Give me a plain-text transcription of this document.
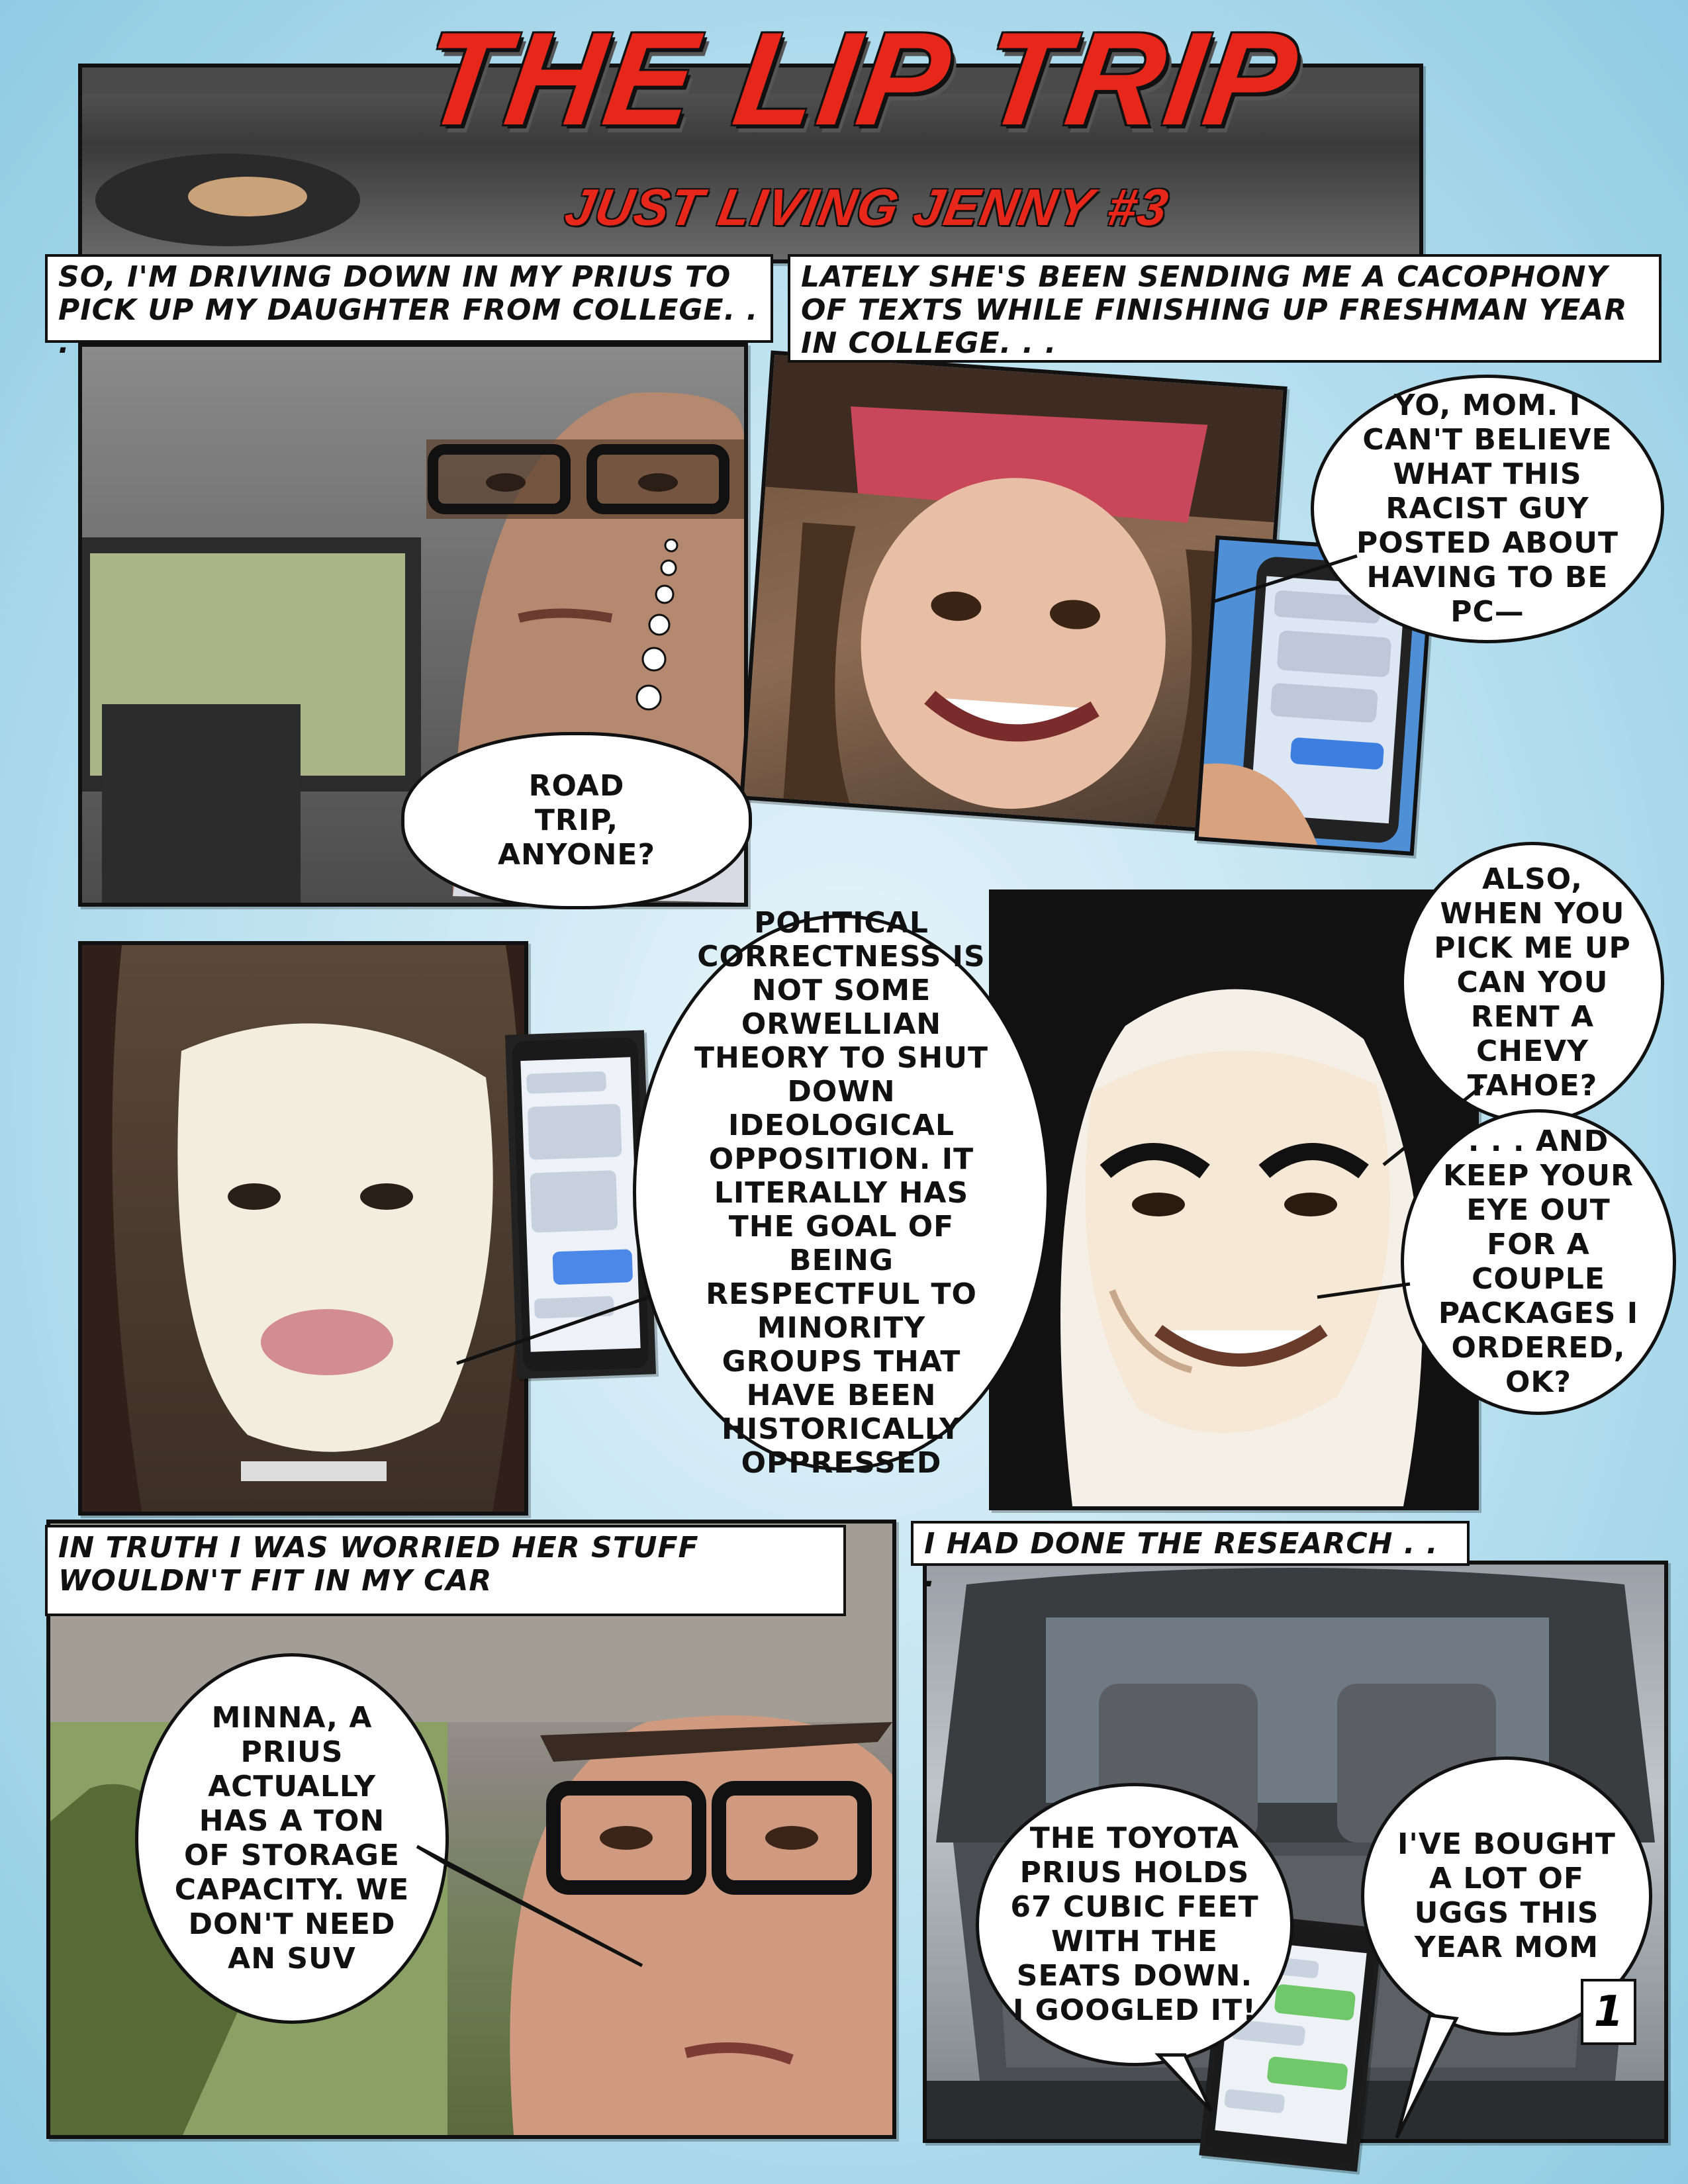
THE LIP TRIP
JUST LIVING JENNY #3
SO, I'M DRIVING DOWN IN MY PRIUS TO PICK UP MY DAUGHTER FROM COLLEGE. . .
ROAD TRIP, ANYONE?
LATELY SHE'S BEEN SENDING ME A CACOPHONY OF TEXTS WHILE FINISHING UP FRESHMAN YEAR IN COLLEGE. . .
YO, MOM. I CAN'T BELIEVE WHAT THIS RACIST GUY POSTED ABOUT HAVING TO BE PC—
POLITICAL CORRECTNESS IS NOT SOME ORWELLIAN THEORY TO SHUT DOWN IDEOLOGICAL OPPOSITION. IT LITERALLY HAS THE GOAL OF BEING RESPECTFUL TO MINORITY GROUPS THAT HAVE BEEN HISTORICALLY OPPRESSED
ALSO, WHEN YOU PICK ME UP CAN YOU RENT A CHEVY TAHOE?
. . . AND KEEP YOUR EYE OUT FOR A COUPLE PACKAGES I ORDERED, OK?
IN TRUTH I WAS WORRIED HER STUFF WOULDN'T FIT IN MY CAR
MINNA, A PRIUS ACTUALLY HAS A TON OF STORAGE CAPACITY. WE DON'T NEED AN SUV
I HAD DONE THE RESEARCH . . .
THE TOYOTA PRIUS HOLDS 67 CUBIC FEET WITH THE SEATS DOWN. I GOOGLED IT!
I'VE BOUGHT A LOT OF UGGS THIS YEAR MOM
1
